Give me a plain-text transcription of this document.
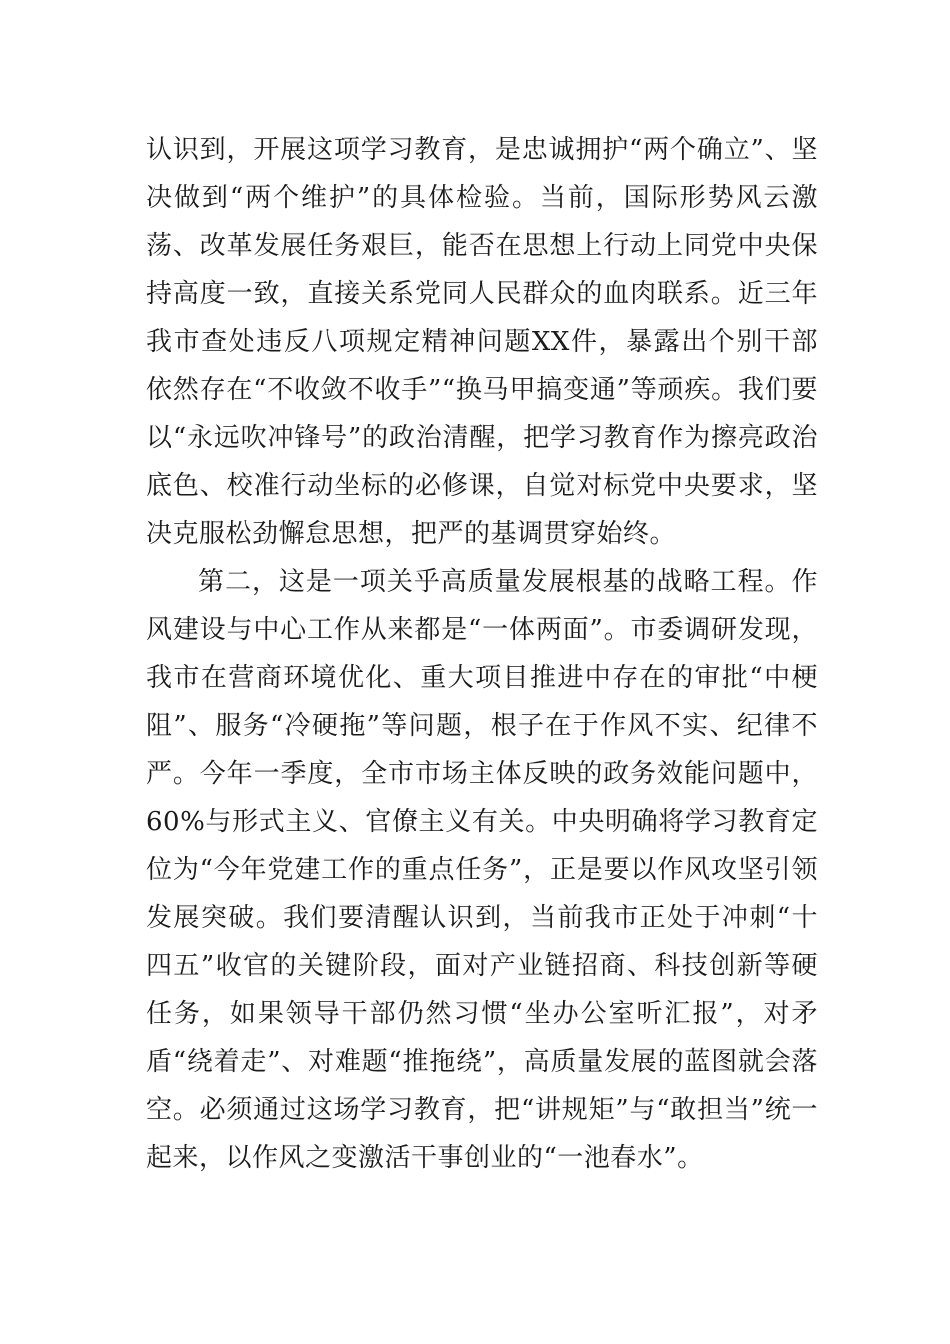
认识到，开展这项学习教育，是忠诚拥护“两个确立”、坚决做到“两个维护”的具体检验。当前，国际形势风云激荡、改革发展任务艰巨，能否在思想上行动上同党中央保持高度一致，直接关系党同人民群众的血肉联系。近三年我市查处违反八项规定精神问题XX件，暴露出个别干部依然存在“不收敛不收手”“换马甲搞变通”等顽疾。我们要以“永远吹冲锋号”的政治清醒，把学习教育作为擦亮政治底色、校准行动坐标的必修课，自觉对标党中央要求，坚决克服松劲懈怠思想，把严的基调贯穿始终。

第二，这是一项关乎高质量发展根基的战略工程。作风建设与中心工作从来都是“一体两面”。市委调研发现，我市在营商环境优化、重大项目推进中存在的审批“中梗阻”、服务“冷硬拖”等问题，根子在于作风不实、纪律不严。今年一季度，全市市场主体反映的政务效能问题中，60%与形式主义、官僚主义有关。中央明确将学习教育定位为“今年党建工作的重点任务”，正是要以作风攻坚引领发展突破。我们要清醒认识到，当前我市正处于冲刺“十四五”收官的关键阶段，面对产业链招商、科技创新等硬任务，如果领导干部仍然习惯“坐办公室听汇报”，对矛盾“绕着走”、对难题“推拖绕”，高质量发展的蓝图就会落空。必须通过这场学习教育，把“讲规矩”与“敢担当”统一起来，以作风之变激活干事创业的“一池春水”。
